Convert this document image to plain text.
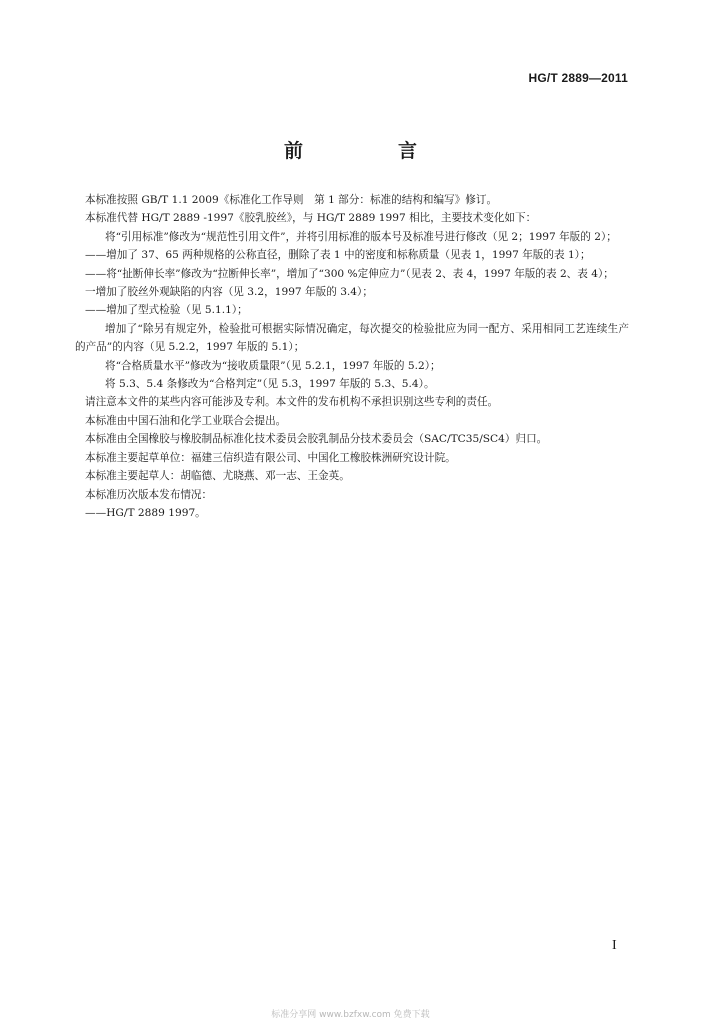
HG/T 2889—2011
前　言

本标准按照 GB/T 1.1 2009《标准化工作导则　第 1 部分：标准的结构和编写》修订。

本标准代替 HG/T 2889 -1997《胶乳胶丝》，与 HG/T 2889 1997 相比，主要技术变化如下：

将“引用标准”修改为“规范性引用文件”，并将引用标准的版本号及标准号进行修改（见 2；1997 年版的 2）；

——增加了 37、65 两种规格的公称直径，删除了表 1 中的密度和标称质量（见表 1，1997 年版的表 1）；

——将“扯断伸长率”修改为“拉断伸长率”，增加了“300 %定伸应力”（见表 2、表 4，1997 年版的表 2、表 4）；

一增加了胶丝外观缺陷的内容（见 3.2，1997 年版的 3.4）；

——增加了型式检验（见 5.1.1）；

增加了“除另有规定外，检验批可根据实际情况确定，每次提交的检验批应为同一配方、采用相同工艺连续生产的产品”的内容（见 5.2.2，1997 年版的 5.1）；

将“合格质量水平”修改为“接收质量限”（见 5.2.1，1997 年版的 5.2）；

将 5.3、5.4 条修改为“合格判定”（见 5.3，1997 年版的 5.3、5.4）。

请注意本文件的某些内容可能涉及专利。本文件的发布机构不承担识别这些专利的责任。

本标准由中国石油和化学工业联合会提出。

本标准由全国橡胶与橡胶制品标准化技术委员会胶乳制品分技术委员会（SAC/TC35/SC4）归口。

本标准主要起草单位：福建三信织造有限公司、中国化工橡胶株洲研究设计院。

本标准主要起草人：胡临德、尤晓燕、邓一志、王金英。

本标准历次版本发布情况：

——HG/T 2889 1997。

I
标准分享网 www.bzfxw.com 免费下载
